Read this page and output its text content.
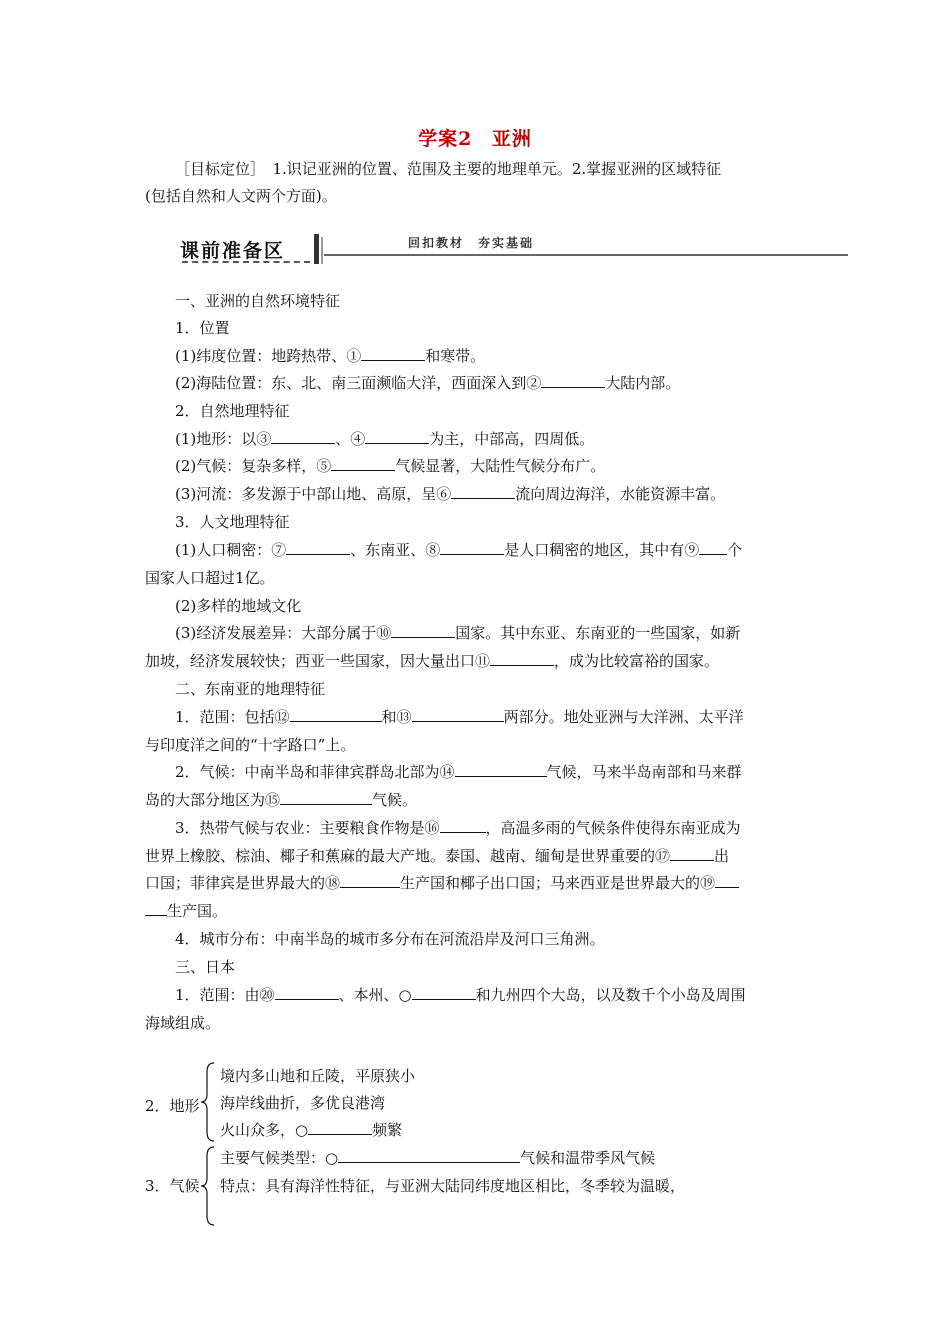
学案2 亚洲
［目标定位］　1.识记亚洲的位置、范围及主要的地理单元。2.掌握亚洲的区域特征
(包括自然和人文两个方面)。
课前准备区	回扣教材　夯实基础
一、亚洲的自然环境特征
1．位置
(1)纬度位置：地跨热带、①	和寒带。
(2)海陆位置：东、北、南三面濒临大洋，西面深入到②	大陆内部。
2．自然地理特征
(1)地形：以③	、④	为主，中部高，四周低。
(2)气候：复杂多样，⑤	气候显著，大陆性气候分布广。
(3)河流：多发源于中部山地、高原，呈⑥	流向周边海洋，水能资源丰富。
3．人文地理特征
(1)人口稠密：⑦	、东南亚、⑧	是人口稠密的地区，其中有⑨ 个
国家人口超过1亿。
(2)多样的地域文化
(3)经济发展差异：大部分属于⑩	国家。其中东亚、东南亚的一些国家，如新
加坡，经济发展较快；西亚一些国家，因大量出口⑪	，成为比较富裕的国家。
二、东南亚的地理特征
1．范围：包括⑫	和⑬	两部分。地处亚洲与大洋洲、太平洋
与印度洋之间的“十字路口”上。
2．气候：中南半岛和菲律宾群岛北部为⑭	气候，马来半岛南部和马来群
岛的大部分地区为⑮	气候。
3．热带气候与农业：主要粮食作物是⑯	，高温多雨的气候条件使得东南亚成为
世界上橡胶、棕油、椰子和蕉麻的最大产地。泰国、越南、缅甸是世界重要的⑰	出
口国；菲律宾是世界最大的⑱	生产国和椰子出口国；马来西亚是世界最大的⑲
生产国。
4．城市分布：中南半岛的城市多分布在河流沿岸及河口三角洲。
三、日本
1．范围：由⑳	、本州、○	和九州四个大岛，以及数千个小岛及周围
海域组成。
2．地形
境内多山地和丘陵，平原狭小
海岸线曲折，多优良港湾
火山众多，○	频繁
3．气候
主要气候类型：○	气候和温带季风气候
特点：具有海洋性特征，与亚洲大陆同纬度地区相比，冬季较为温暖，
